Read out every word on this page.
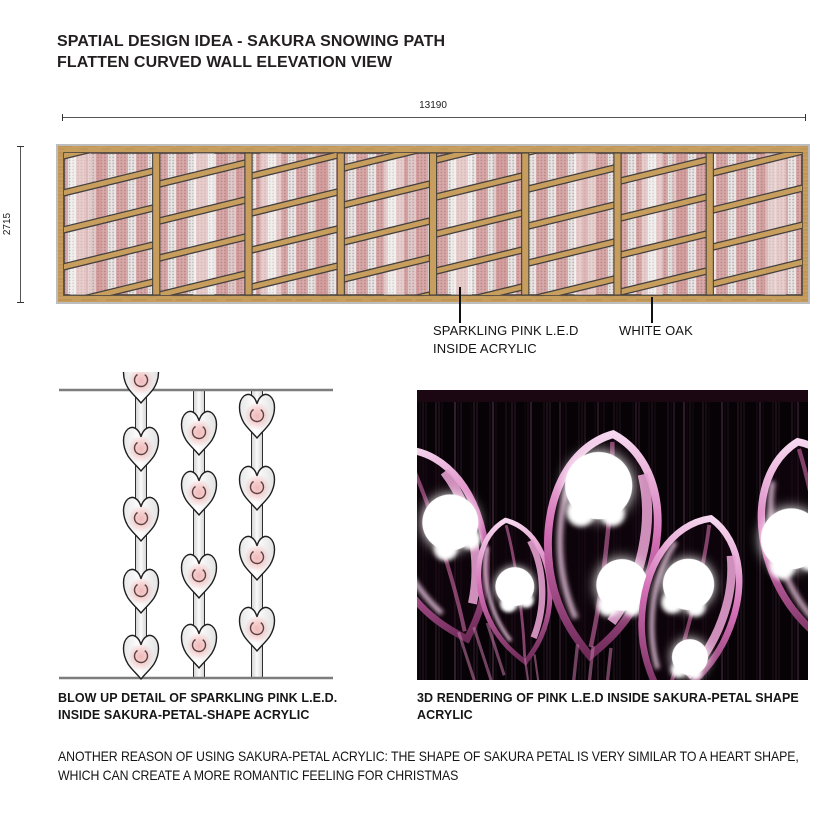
SPATIAL DESIGN IDEA - SAKURA SNOWING PATH
FLATTEN CURVED WALL ELEVATION VIEW
13190
2715
SPARKLING PINK L.E.D
INSIDE ACRYLIC
WHITE OAK
BLOW UP DETAIL OF SPARKLING PINK L.E.D.
INSIDE SAKURA-PETAL-SHAPE ACRYLIC
3D RENDERING OF PINK L.E.D INSIDE SAKURA-PETAL SHAPE
ACRYLIC
ANOTHER REASON OF USING SAKURA-PETAL ACRYLIC: THE SHAPE OF SAKURA PETAL IS VERY SIMILAR TO A HEART SHAPE,
WHICH CAN CREATE A MORE ROMANTIC FEELING FOR CHRISTMAS
